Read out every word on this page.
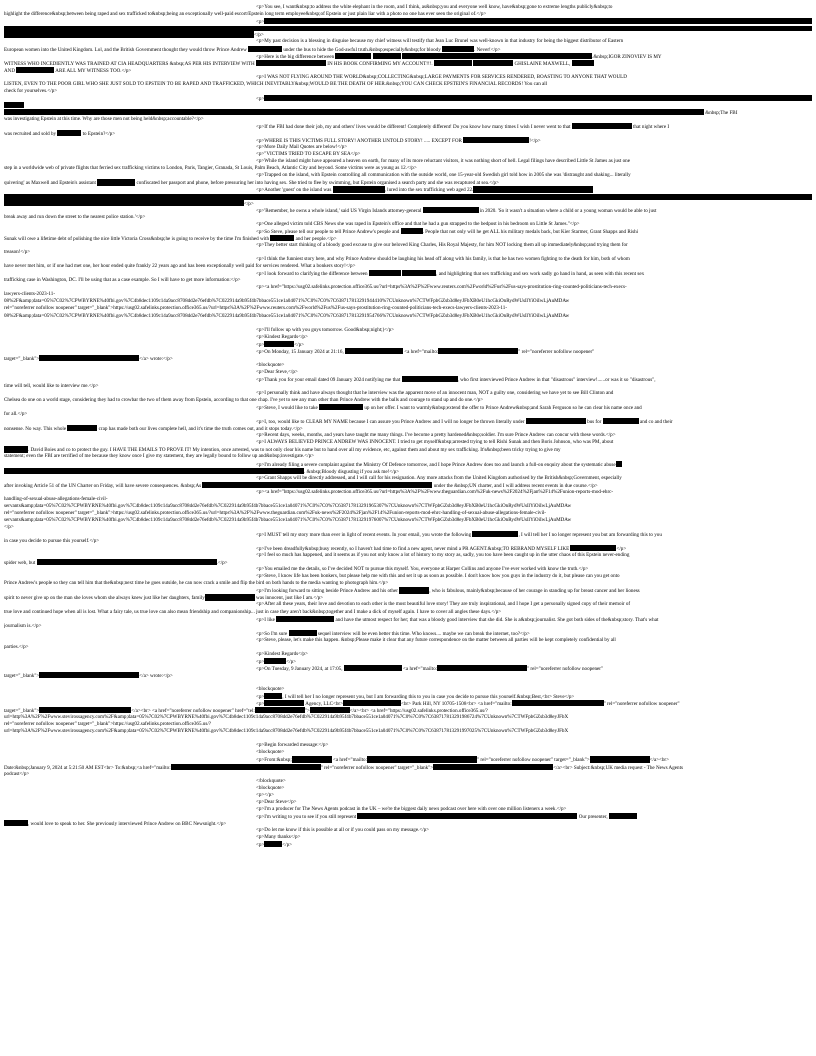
<p>You see, I want&nbsp;to address the white elephant in the room, and I think, as&nbsp;you and everyone well know, have&nbsp;gone to extreme lengths publicly&nbsp;to
highlight the difference&nbsp;between being raped and sex trafficked to&nbsp;being an exceptionally well-paid escort/Epstein long term employee&nbsp;of Epstein or just plain liar with a photo no one has ever seen the original of.</p>
<p>
</p>
<p>My past decision is a blessing in disguise because my chief witness will testify that Jean Luc Brunel was well-known in that industry for being the biggest distributor of Eastern
European women into the United Kingdom. Lol, and the British Government thought they would throw Prince Andrew	under the bus to hide the God-awful truth.&nbsp;especially&nbsp;for bloody	. Never!</p>
<p>Here is the big difference between	.&nbsp;IGOR ZINOVIEV IS MY
WITNESS WHO INCEDIENTLY WAS TRAINED AT CIA HEADQUARTERS &nbsp;AS PER HIS INTERVIEW WITH	IN HIS BOOK CONFIRMING MY ACCOUNT!!!.	GHISLAINE MAXWELL,
AND	ARE ALL MY WITNESS TOO.</p>
<p>I WAS NOT FLYING AROUND THE WORLD&nbsp;COLLECTING&nbsp;LARGE PAYMENTS FOR SERVICES RENDERED, BOASTING TO ANYONE THAT WOULD
LISTEN, EVEN TO THE POOR GIRL WHO SHE JUST SOLD TO EPSTEIN TO BE RAPED AND TRAFFICKED, WHICH INEVITABLY&nbsp;WOULD BE THE DEATH OF HER.&nbsp;YOU CAN CHECK EPSTEIN'S FINANCIAL RECORDS! You can all
check for yourselves.</p>
<p>
&nbsp;The FBI
was investigating Epstein at this time. Why are those men not being held&nbsp;accountable?</p>
<p>If the FBI had done their job, my and others' lives would be different! Completely different! Do you know how many times I wish I never went to that	that night where I
was recruited and sold by	to Epstein?</p>
<p>WHERE IS THIS VICTIMS FULL STORY! ANOTHER UNTOLD STORY! ..... EXCEPT FOR	!</p>
<p>More Daily Mail Quotes are below!</p>
<p>"VICTIMS TRIED TO ESCAPE BY SEA</p>
<p>While the island might have appeared a heaven on earth, for many of its more reluctant visitors, it was nothing short of hell. Legal filings have described Little St James as just one
step in a worldwide web of private flights that ferried sex trafficking victims to London, Paris, Tangier, Granada, St Louis, Palm Beach, Atlantic City and beyond. Some victims were as young as 12.</p>
<p>Trapped on the island, with Epstein controlling all communication with the outside world, one 15-year-old Swedish girl told how in 2005 she was 'distraught and shaking... literally
quivering' as Maxwell and Epstein's assistant	confiscated her passport and phone, before pressuring her into having sex. She tried to flee by swimming, but Epstein organised a search party and she was recaptured at sea.</p>
<p>Another 'guest' on the island was	, lured into the sex trafficking web aged 22.
</p>
<p>'Remember, he owns a whole island,' said US Virgin Islands attorney-general	in 2020. 'So it wasn't a situation where a child or a young woman would be able to just
break away and run down the street to the nearest police station.'</p>
<p>One alleged victim told CBS News she was raped in Epstein's office and that he had a gun strapped to the bedpost in his bedroom on Little St James."</p>
<p>So Steve, please tell our people to tell Prince Andrew's people and	. People that not only will he get ALL his military medals back, but Kier Starmer, Grant Shapps and Rishi
Sunak will owe a lifetime debt of polishing the nice little Victoria Cross&nbsp;he is going to receive by the time I'm finished with	and her people.</p>
<p>They better start thinking of a bloody good excuse to give our beloved King Charles, His Royal Majesty, for him NOT locking them all up immediately&nbsp;and trying them for
treason!</p>
<p>I think the funniest story here, and why Prince Andrew should be laughing his head off along with his family, is that he has two women fighting to the death for him, both of whom
have never met him, or if one had met one, her hour ended quite frankly 22 years ago and has been exceptionally well paid for services rendered. What a bonkers story!</p>
<p>I look forward to clarifying the difference between	, and highlighting that sex trafficking and sex work sadly go hand in hand, as seen with this recent sex
trafficking case in Washington, DC. I'll be using that as a case example. So I will have to get more information:</p>
<p><a href="https://usg02.safelinks.protection.office365.us/?url=https%3A%2F%2Fwww.reuters.com%2Fworld%2Fus%2Fus-says-prostitution-ring-counted-politicians-tech-execs-
lawyers-clients-2023-11-
08%2F&amp;data=05%7C02%7CPWBYRNE%40fbi.gov%7C4b8dec1109c14a9acc8708dd2e76efdb%7C022914a9b95f4b7bbace551ce1a04071%7C0%7C0%7C638717813291944410%7CUnknown%7CTWFpbGZsb3d8eyJFbXB0eU1hcGkiOnRydWUsIlYiOiIwLjAuMDAw
rel="noreferrer nofollow noopener" target="_blank">https://usg02.safelinks.protection.office365.us/?url=https%3A%2F%2Fwww.reuters.com%2Fworld%2Fus%2Fus-says-prostitution-ring-counted-politicians-tech-execs-lawyers-clients-2023-11-
08%2F&amp;data=05%7C02%7CPWBYRNE%40fbi.gov%7C4b8dec1109c14a9acc8708dd2e76efdb%7C022914a9b95f4b7bbace551ce1a04071%7C0%7C0%7C638717813291954766%7CUnknown%7CTWFpbGZsb3d8eyJFbXB0eU1hcGkiOnRydWUsIlYiOiIwLjAuMDAw
<p>I'll follow up with you guys tomorrow. Good&nbsp;night;)</p>
<p>Kindest Regards</p>
<p>	</p>
<p>On Monday, 15 January 2024 at 21:16,	<a href="mailto:	" rel="noreferrer nofollow noopener"
target="_blank">	</a> wrote:</p>
<blockquote>
<p>Dear Steve,</p>
<p>Thank you for your email dated 09 January 2024 notifying me that	, who first interviewed Prince Andrew in that "disastrous" interview!......or was it so "disastrous",
time will tell, would like to interview me.</p>
<p>I personally think and have always thought that he interview was the apparent move of an innocent man, NOT a guilty one, considering we have yet to see Bill Clinton and
Chelsea do one on a world stage, considering they had to crowbar the two of them away from Epstein, according to that one chap. I've yet to see any man other than Prince Andrew with the balls and courage to stand up and do one.</p>
<p>Steve, I would like to take	up on her offer. I want to warmly&nbsp;extend the offer to Prince Andrew&nbsp;and Sarah Ferguson so he can clear his name once and
for all.</p>
<p>I, too, would like to CLEAR MY NAME because I can assure you Prince Andrew and I will no longer be thrown literally under	bus for	and co and their
nonsense. No way. This whole	crap has made both our lives complete hell, and it's time the truth comes out, and it stops today.</p>
<p>Recent days, weeks, months, and years have taught me many things. I've become a pretty hardened&nbsp;soldier. I'm sure Prince Andrew can concur with these words.</p>
<p>I ALWAYS BELIEVED PRINCE ANDREW WAS INNOCENT. I tried to get myself&nbsp;arrested trying to tell Rishi Sunak and then Boris Johnson, who was PM, about
. David Boies and co to protect the guy. I HAVE THE EMAILS TO PROVE IT! My intention, once arrested, was to not only clear his name but to hand over all my evidence, etc, against them and about my sex trafficking. It's&nbsp;been tricky trying to give my
statement; even the FBI are terrified of me because they know once I give my statement, they are legally bound to follow up and&nbsp;investigate.</p>
<p>I'm already filing a severe complaint against the Ministry Of Defence tomorrow, and I hope Prince Andrew does too and launch a full-on enquiry about the systematic abuse
. &nbsp;Bloody disgusting if you ask me!</p>
<p>Grant Shapps will be directly addressed, and I will call for his resignation. Any more attacks from the United Kingdom authorised by the British&nbsp;Government, especially
after invoking Article 51 of the UN Charter on Friday, will have severe consequences. &nbsp;As	under the &nbsp;UN charter, and I will address recent events in due course.</p>
<p><a href="https://usg02.safelinks.protection.office365.us/?url=https%3A%2F%2Fwww.theguardian.com%2Fuk-news%2F2024%2Fjan%2F14%2Funion-reports-mod-ehrc-
handling-of-sexual-abuse-allegations-female-civil-
servants&amp;data=05%7C02%7CPWBYRNE%40fbi.gov%7C4b8dec1109c14a9acc8708dd2e76efdb%7C022914a9b95f4b7bbace551ce1a04071%7C0%7C0%7C638717813291965307%7CUnknown%7CTWFpbGZsb3d8eyJFbXB0eU1hcGkiOnRydWUsIlYiOiIwLjAuMDAw
rel="noreferrer nofollow noopener" target="_blank">https://usg02.safelinks.protection.office365.us/?url=https%3A%2F%2Fwww.theguardian.com%2Fuk-news%2F2024%2Fjan%2F14%2Funion-reports-mod-ehrc-handling-of-sexual-abuse-allegations-female-civil-
servants&amp;data=05%7C02%7CPWBYRNE%40fbi.gov%7C4b8dec1109c14a9acc8708dd2e76efdb%7C022914a9b95f4b7bbace551ce1a04071%7C0%7C0%7C638717813291976007%7CUnknown%7CTWFpbGZsb3d8eyJFbXB0eU1hcGkiOnRydWUsIlYiOiIwLjAuMDAw
</p>
<p>I MUST tell my story more than ever in light of recent events. In your email, you wrote the following	, I will tell her I no longer represent you but am forwarding this to you
in case you decide to pursue this yourself.</p>
<p>I've been dreadfully&nbsp;busy recently, so I haven't had time to find a new agent, never mind a PR AGENT.&nbsp;TO REBRAND MYSELF LIKE	</p>
<p>I feel so much has happened, and it seems as if you not only know a lot of history to my story as, sadly, you too have been caught up in the utter chaos of this Epstein never-ending
spider web, but	.</p>
<p>You emailed me the details, so I've decided NOT to pursue this myself. You, everyone at Harper Collins and anyone I've ever worked with know the truth.</p>
<p>Steve, I know life has been bonkers, but please help me with this and set it up as soon as possible. I don't know how you guys in the industry do it, but please can you get onto
Prince Andrew's people so they can tell him that the&nbsp;next time he goes outside, he can now crack a smile and flip the bird on both hands to the media wanting to photograph him.</p>
<p>I'm looking forward to sitting beside Prince Andrew and his other	, who is fabulous, mainly&nbsp;because of her courage in standing up for breast cancer and her lioness
spirit to never give up on the man she loves whom she always knew just like her daughters, family	was innocent, just like I am.</p>
<p>After all these years, their love and devotion to each other is the most beautiful love story! They are truly inspirational, and I hope I get a personally signed copy of their memoir of
true love and continued hope when all is lost. What a fairy tale, us true love can also mean friendship and companionship... just in case they aren't back&nbsp;together and I make a dick of myself again. I have to cover all angles these days.</p>
<p>I like	and have the utmost respect for her; that was a bloody good interview that she did. She is a&nbsp;journalist. She got both sides of the&nbsp;story. That's what
journalism is.</p>
<p>So I'm sure	sequel interview will be even better this time. Who knows.... maybe we can break the internet, too?</p>
<p>Steve, please, let's make this happen. &nbsp;Please make it clear that any future correspondence on the matter between all parties will be kept completely confidential by all
parties.</p>
<p>Kindest Regards</p>
<p>	</p>
<p>On Tuesday, 9 January 2024, at 17:05,	<a href="mailto:	" rel="noreferrer nofollow noopener"
target="_blank">	</a> wrote:</p>
<blockquote>
<p>	, I will tell her I no longer represent you, but I am forwarding this to you in case you decide to pursue this yourself.&nbsp;Best,<br> Steve</p>
<p>	Agency, LLC<br>	<br> Park Hill, NY 10705-1508<br> <a href="mailto:	" rel="noreferrer nofollow noopener"
target="_blank">	</a><br> <a href="noreferrer nofollow noopener" href="tel:	">	</a><br> <a href="https://usg02.safelinks.protection.office365.us/?
url=http%3A%2F%2Fwww.stevirossagency.com%2F&amp;data=05%7C02%7CPWBYRNE%40fbi.gov%7C4b8dec1109c14a9acc8708dd2e76efdb%7C022914a9b95f4b7bbace551ce1a04071%7C0%7C0%7C638717813291986724%7CUnknown%7CTWFpbGZsb3d8eyJFbX
rel="noreferrer nofollow noopener" target="_blank">https://usg02.safelinks.protection.office365.us/?
url=http%3A%2F%2Fwww.stevirossagency.com%2F&amp;data=05%7C02%7CPWBYRNE%40fbi.gov%7C4b8dec1109c14a9acc8708dd2e76efdb%7C022914a9b95f4b7bbace551ce1a04071%7C0%7C0%7C638717813291997025%7CUnknown%7CTWFpbGZsb3d8eyJFbX
<p>Begin forwarded message:</p>
<blockquote>
<p>From:&nbsp;	<a href="mailto:	" rel="noreferrer nofollow noopener" target="_blank">	</a><br>
Date:&nbsp;January 9, 2024 at 5:21:50 AM EST<br> To:&nbsp;<a href="mailto:	" rel="noreferrer nofollow noopener" target="_blank">	</a><br> Subject:&nbsp;UK media request - The News Agents
podcast</p>
</blockquote>
<blockquote>
<p></p>
<p>Dear Steve</p>
<p>I'm a producer for The News Agents podcast in the UK – we're the biggest daily news podcast over here with over one million listeners a week.</p>
<p>I'm writing to you to see if you still represent	Our presenter,
, would love to speak to her. She previously interviewed Prince Andrew on BBC Newsnight.</p>
<p>Do let me know if this is possible at all or if you could pass on my message.</p>
<p>Many thanks</p>
<p>	</p>
